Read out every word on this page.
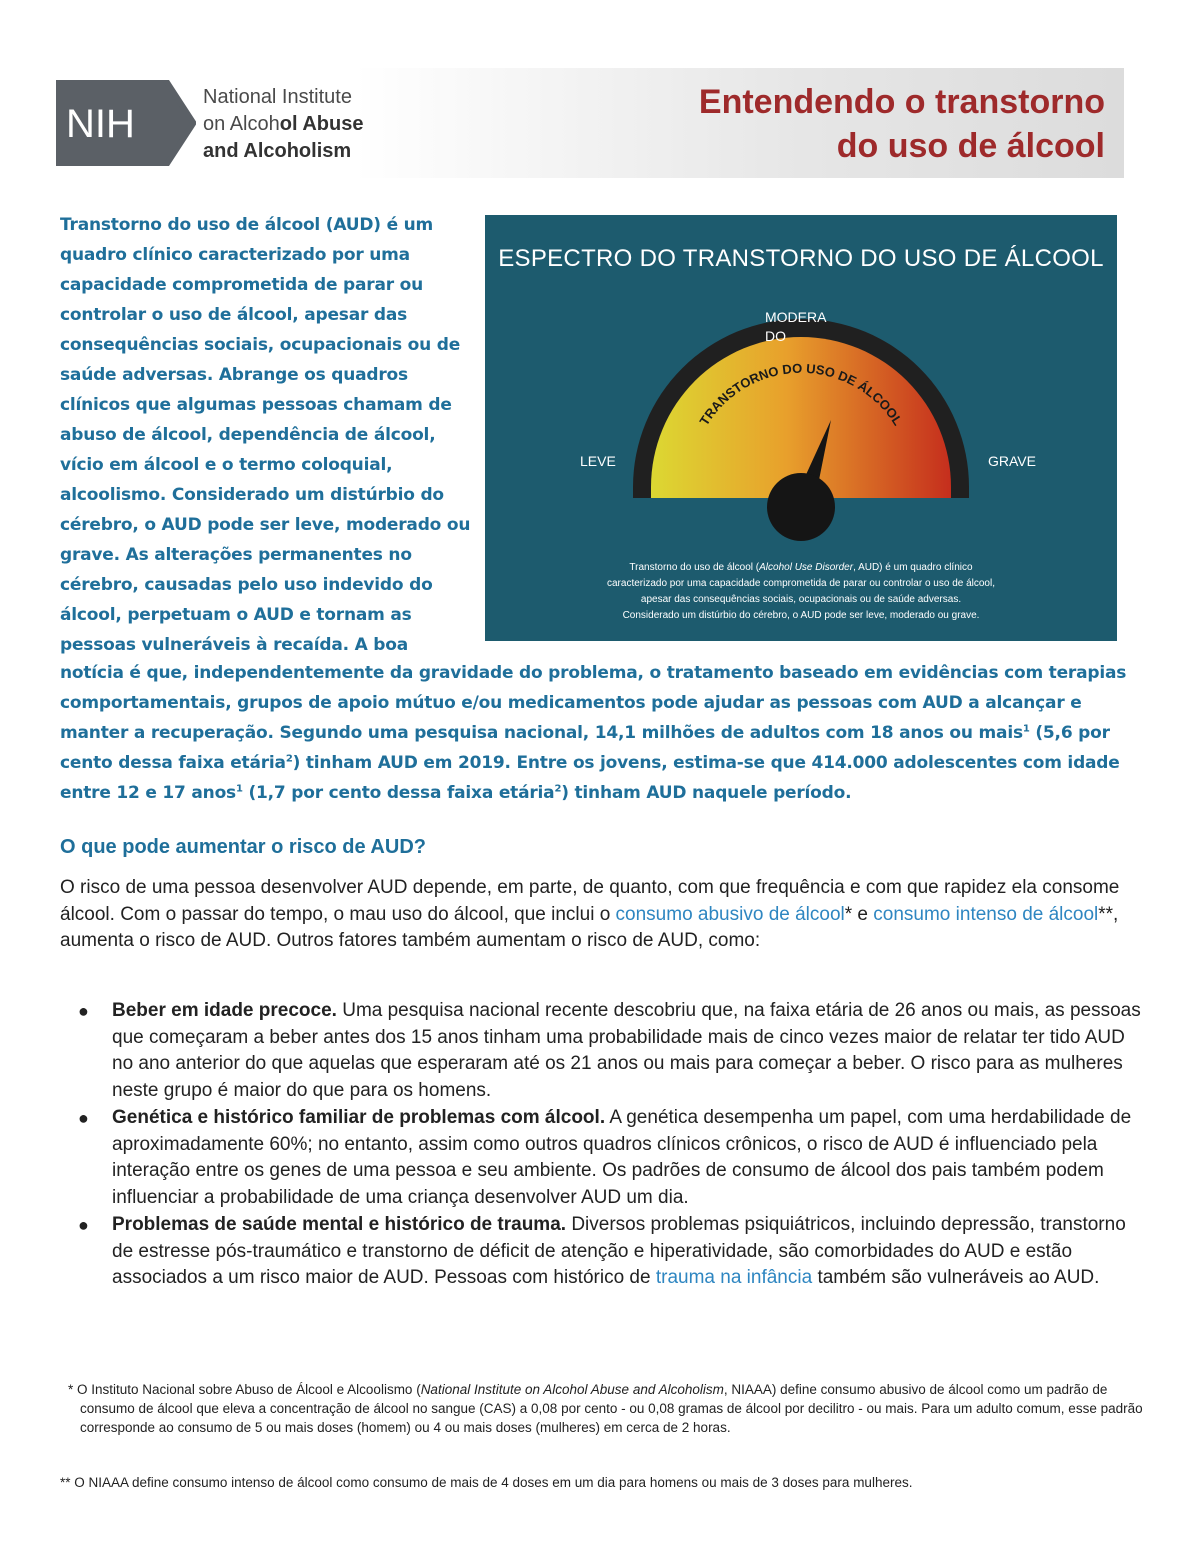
NIH
National Institute
on Alcohol Abuse
and Alcoholism
Entendendo o transtorno
do uso de álcool
Transtorno do uso de álcool (AUD) é um quadro clínico caracterizado por uma capacidade comprometida de parar ou controlar o uso de álcool, apesar das consequências sociais, ocupacionais ou de saúde adversas. Abrange os quadros clínicos que algumas pessoas chamam de abuso de álcool, dependência de álcool, vício em álcool e o termo coloquial, alcoolismo. Considerado um distúrbio do cérebro, o AUD pode ser leve, moderado ou grave. As alterações permanentes no cérebro, causadas pelo uso indevido do álcool, perpetuam o AUD e tornam as pessoas vulneráveis à recaída. A boa
ESPECTRO DO TRANSTORNO DO USO DE ÁLCOOL
TRANSTORNO DO USO DE ÁLCOOL
LEVE
MODERADO
GRAVE
Transtorno do uso de álcool (Alcohol Use Disorder, AUD) é um quadro clínico
caracterizado por uma capacidade comprometida de parar ou controlar o uso de álcool,
apesar das consequências sociais, ocupacionais ou de saúde adversas.
Considerado um distúrbio do cérebro, o AUD pode ser leve, moderado ou grave.
notícia é que, independentemente da gravidade do problema, o tratamento baseado em evidências com terapias comportamentais, grupos de apoio mútuo e/ou medicamentos pode ajudar as pessoas com AUD a alcançar e manter a recuperação. Segundo uma pesquisa nacional, 14,1 milhões de adultos com 18 anos ou mais$^1$ (5,6 por cento dessa faixa etária$^2$) tinham AUD em 2019. Entre os jovens, estima-se que 414.000 adolescentes com idade entre 12 e 17 anos$^1$ (1,7 por cento dessa faixa etária$^2$) tinham AUD naquele período.
O que pode aumentar o risco de AUD?
O risco de uma pessoa desenvolver AUD depende, em parte, de quanto, com que frequência e com que rapidez ela consome álcool. Com o passar do tempo, o mau uso do álcool, que inclui o consumo abusivo de álcool* e consumo intenso de álcool**, aumenta o risco de AUD. Outros fatores também aumentam o risco de AUD, como:
● Beber em idade precoce. Uma pesquisa nacional recente descobriu que, na faixa etária de 26 anos ou mais, as pessoas que começaram a beber antes dos 15 anos tinham uma probabilidade mais de cinco vezes maior de relatar ter tido AUD no ano anterior do que aquelas que esperaram até os 21 anos ou mais para começar a beber. O risco para as mulheres neste grupo é maior do que para os homens.
● Genética e histórico familiar de problemas com álcool. A genética desempenha um papel, com uma herdabilidade de aproximadamente 60%; no entanto, assim como outros quadros clínicos crônicos, o risco de AUD é influenciado pela interação entre os genes de uma pessoa e seu ambiente. Os padrões de consumo de álcool dos pais também podem influenciar a probabilidade de uma criança desenvolver AUD um dia.
● Problemas de saúde mental e histórico de trauma. Diversos problemas psiquiátricos, incluindo depressão, transtorno de estresse pós-traumático e transtorno de déficit de atenção e hiperatividade, são comorbidades do AUD e estão associados a um risco maior de AUD. Pessoas com histórico de trauma na infância também são vulneráveis ao AUD.
* O Instituto Nacional sobre Abuso de Álcool e Alcoolismo (National Institute on Alcohol Abuse and Alcoholism, NIAAA) define consumo abusivo de álcool como um padrão de consumo de álcool que eleva a concentração de álcool no sangue (CAS) a 0,08 por cento - ou 0,08 gramas de álcool por decilitro - ou mais. Para um adulto comum, esse padrão corresponde ao consumo de 5 ou mais doses (homem) ou 4 ou mais doses (mulheres) em cerca de 2 horas.
** O NIAAA define consumo intenso de álcool como consumo de mais de 4 doses em um dia para homens ou mais de 3 doses para mulheres.
